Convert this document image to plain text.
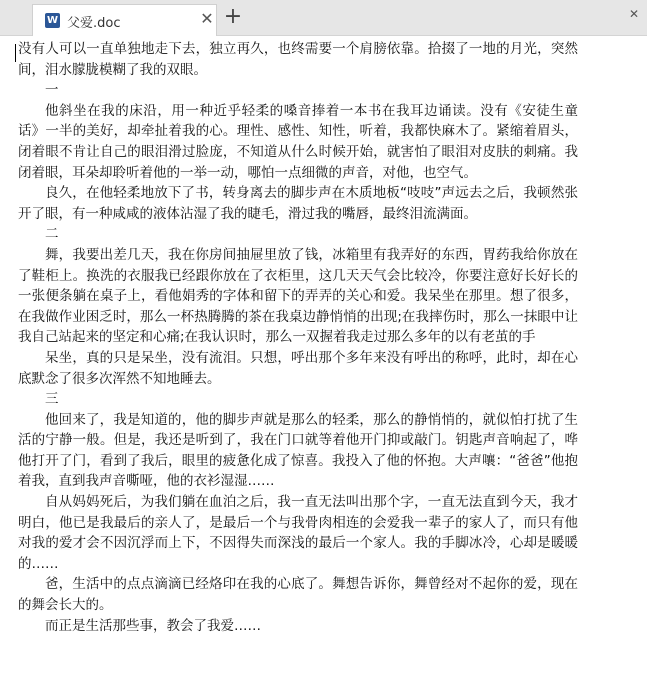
W 父爱.doc	✕ +	✕

没有人可以一直单独地走下去，独立再久，也终需要一个肩膀依靠。拾掇了一地的月光，突然间，泪水朦胧模糊了我的双眼。

一

他斜坐在我的床沿，用一种近乎轻柔的嗓音捧着一本书在我耳边诵读。没有《安徒生童话》一半的美好，却牵扯着我的心。理性、感性、知性，听着，我都快麻木了。紧缩着眉头，闭着眼不肯让自己的眼泪滑过脸庞，不知道从什么时候开始，就害怕了眼泪对皮肤的刺痛。我闭着眼，耳朵却聆听着他的一举一动，哪怕一点细微的声音，对他，也空气。

良久，在他轻柔地放下了书，转身离去的脚步声在木质地板“吱吱”声远去之后，我顿然张开了眼，有一种咸咸的液体沾湿了我的睫毛，滑过我的嘴唇，最终泪流满面。

二

舞，我要出差几天，我在你房间抽屉里放了钱，冰箱里有我弄好的东西，胃药我给你放在了鞋柜上。换洗的衣服我已经跟你放在了衣柜里，这几天天气会比较冷，你要注意好长好长的一张便条躺在桌子上，看他娟秀的字体和留下的弄弄的关心和爱。我呆坐在那里。想了很多，在我做作业困乏时，那么一杯热腾腾的茶在我桌边静悄悄的出现;在我摔伤时，那么一抹眼中让我自己站起来的坚定和心痛;在我认识时，那么一双握着我走过那么多年的以有老茧的手

呆坐，真的只是呆坐，没有流泪。只想，呼出那个多年来没有呼出的称呼，此时，却在心底默念了很多次浑然不知地睡去。

三

他回来了，我是知道的，他的脚步声就是那么的轻柔，那么的静悄悄的，就似怕打扰了生活的宁静一般。但是，我还是听到了，我在门口就等着他开门抑或敲门。钥匙声音响起了，哗他打开了门，看到了我后，眼里的疲惫化成了惊喜。我投入了他的怀抱。大声嚷：“爸爸”他抱着我，直到我声音嘶哑，他的衣衫湿湿……

自从妈妈死后，为我们躺在血泊之后，我一直无法叫出那个字，一直无法直到今天，我才明白，他已是我最后的亲人了，是最后一个与我骨肉相连的会爱我一辈子的家人了，而只有他对我的爱才会不因沉浮而上下，不因得失而深浅的最后一个家人。我的手脚冰冷，心却是暖暖的……

爸，生活中的点点滴滴已经烙印在我的心底了。舞想告诉你，舞曾经对不起你的爱，现在的舞会长大的。

而正是生活那些事，教会了我爱……
